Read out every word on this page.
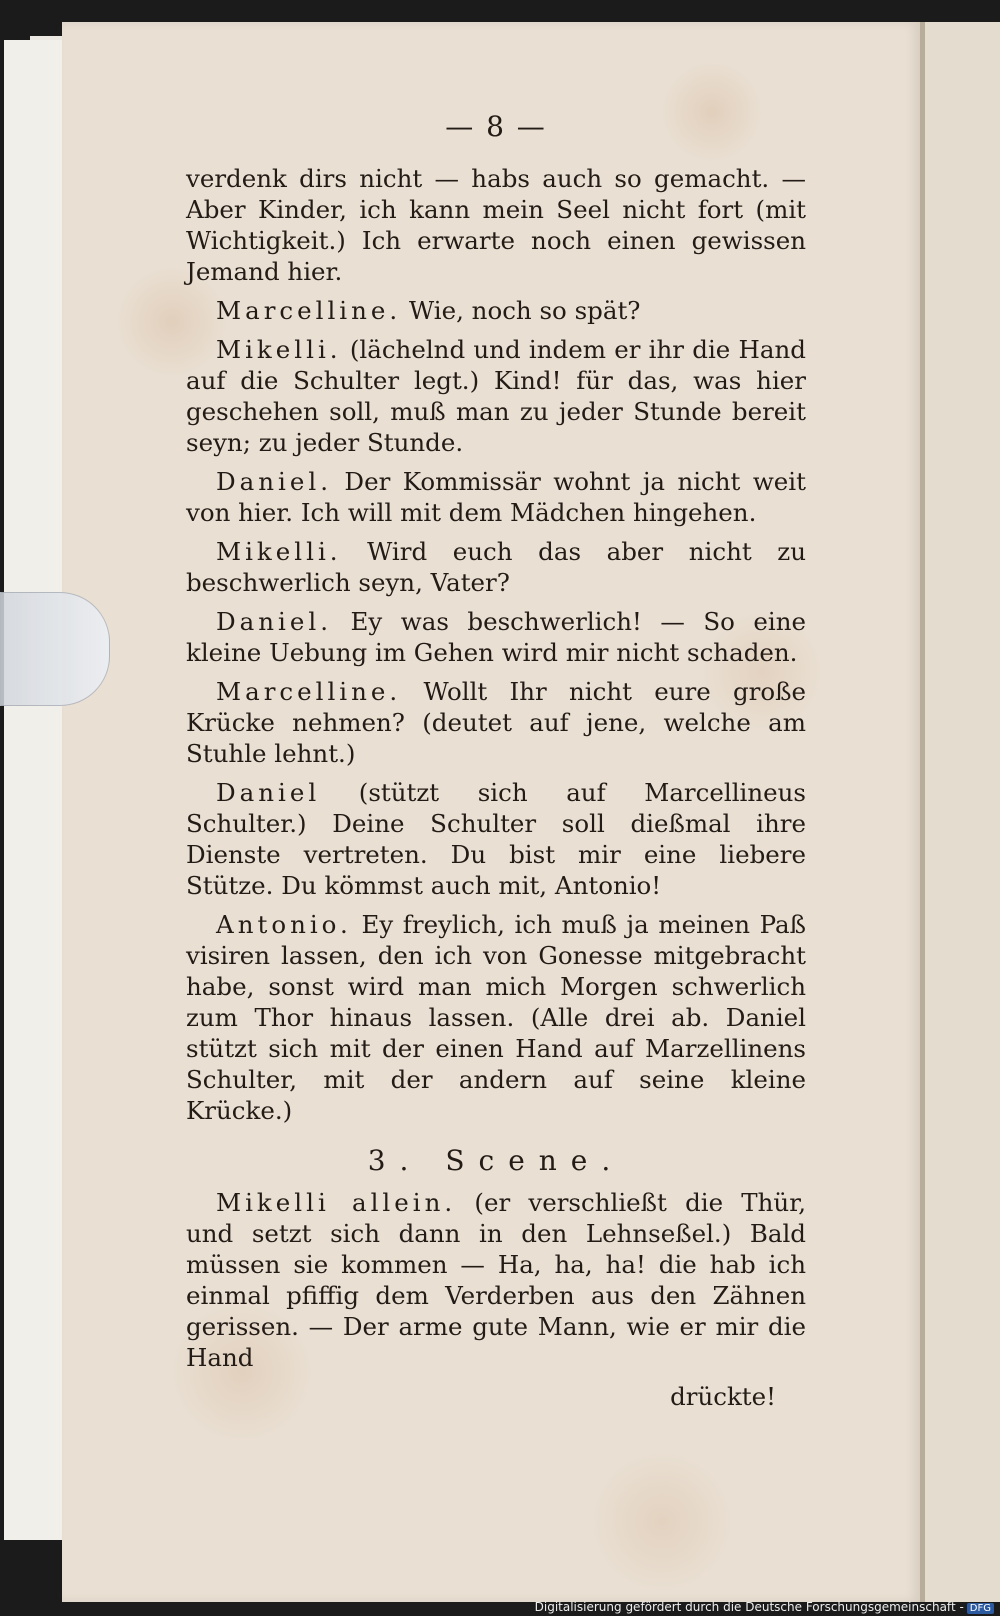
— 8 —

verdenk dirs nicht — habs auch so gemacht. — Aber Kinder, ich kann mein Seel nicht fort (mit Wichtigkeit.) Ich erwarte noch einen gewissen Jemand hier.

Marcelline. Wie, noch so spät?

Mikelli. (lächelnd und indem er ihr die Hand auf die Schulter legt.) Kind! für das, was hier geschehen soll, muß man zu jeder Stunde bereit seyn; zu jeder Stunde.

Daniel. Der Kommissär wohnt ja nicht weit von hier. Ich will mit dem Mädchen hingehen.

Mikelli. Wird euch das aber nicht zu beschwerlich seyn, Vater?

Daniel. Ey was beschwerlich! — So eine kleine Uebung im Gehen wird mir nicht schaden.

Marcelline. Wollt Ihr nicht eure große Krücke nehmen? (deutet auf jene, welche am Stuhle lehnt.)

Daniel (stützt sich auf Marcellineus Schulter.) Deine Schulter soll dießmal ihre Dienste vertreten. Du bist mir eine liebere Stütze. Du kömmst auch mit, Antonio!

Antonio. Ey freylich, ich muß ja meinen Paß visiren lassen, den ich von Gonesse mitgebracht habe, sonst wird man mich Morgen schwerlich zum Thor hinaus lassen. (Alle drei ab. Daniel stützt sich mit der einen Hand auf Marzellinens Schulter, mit der andern auf seine kleine Krücke.)

3. Scene.

Mikelli allein. (er verschließt die Thür, und setzt sich dann in den Lehnseßel.) Bald müssen sie kommen — Ha, ha, ha! die hab ich einmal pfiffig dem Verderben aus den Zähnen gerissen. — Der arme gute Mann, wie er mir die Hand

drückte!

Digitalisierung gefördert durch die Deutsche Forschungsgemeinschaft - DFG
